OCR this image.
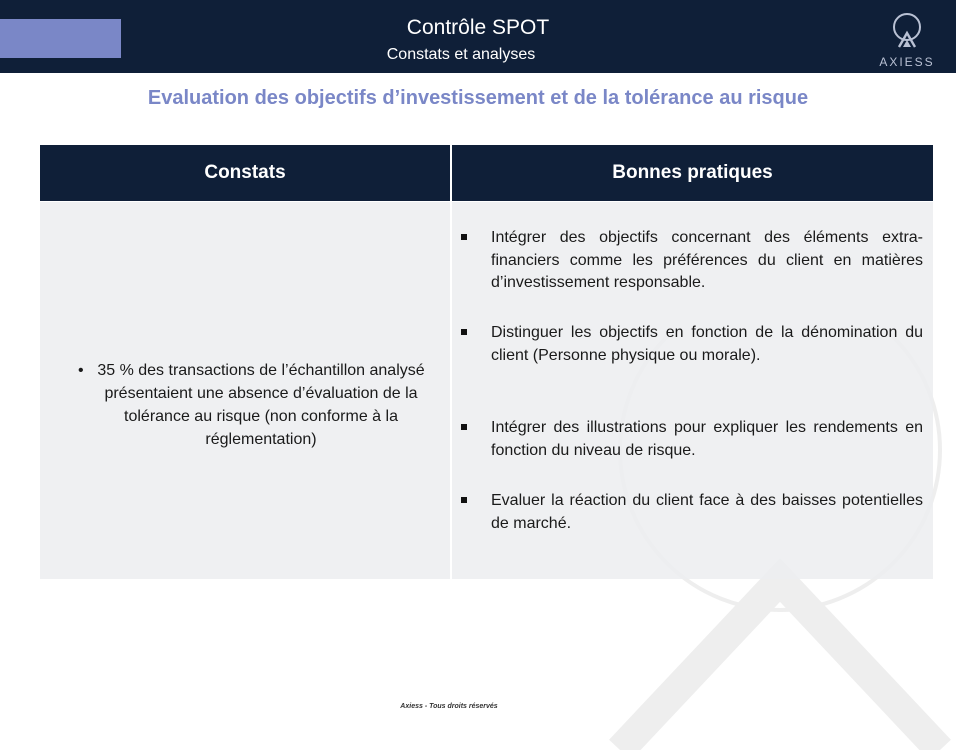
Contrôle SPOT
Constats et analyses	AXIESS
Evaluation des objectifs d’investissement et de la tolérance au risque
Constats	Bonnes pratiques
• 35 % des transactions de l’échantillon analysé présentaient une absence d’évaluation de la tolérance au risque (non conforme à la réglementation)
Intégrer des objectifs concernant des éléments extra-financiers comme les préférences du client en matières d’investissement responsable.
Distinguer les objectifs en fonction de la dénomination du client (Personne physique ou morale).
Intégrer des illustrations pour expliquer les rendements en fonction du niveau de risque.
Evaluer la réaction du client face à des baisses potentielles de marché.
Axiess - Tous droits réservés
